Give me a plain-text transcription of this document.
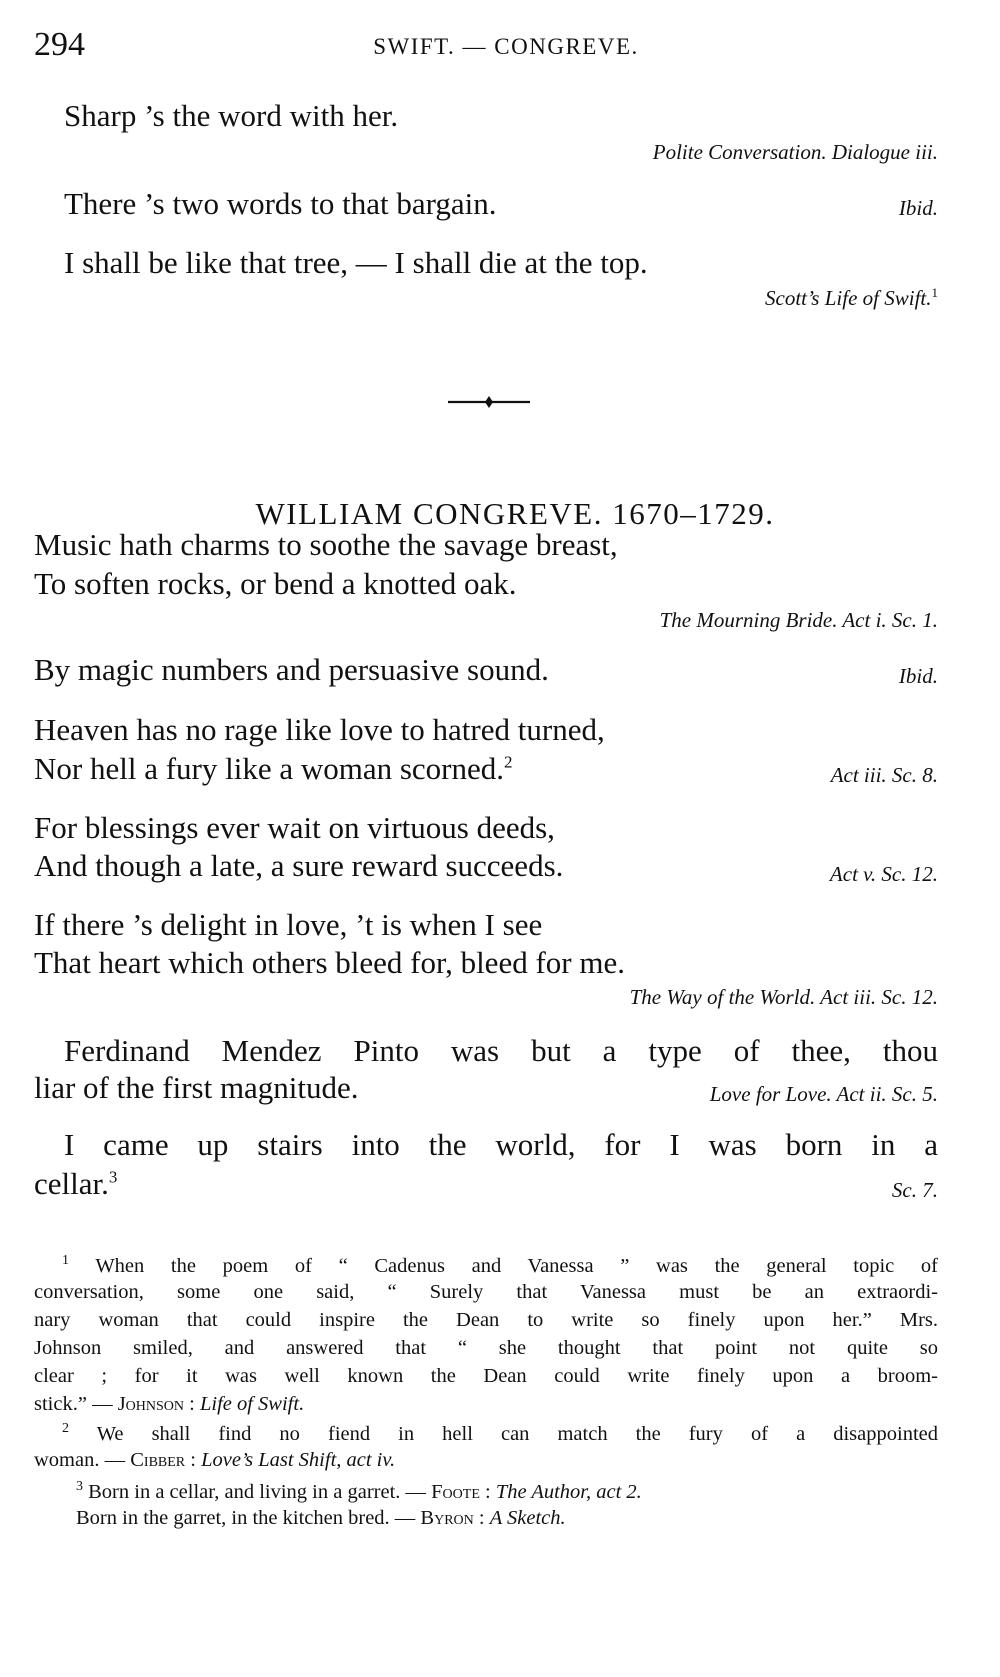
294	SWIFT. — CONGREVE.
Sharp ’s the word with her.
Polite Conversation. Dialogue iii.
There ’s two words to that bargain.	Ibid.
I shall be like that tree, — I shall die at the top.
Scott’s Life of Swift.$^1$
WILLIAM CONGREVE. 1670–1729.
Music hath charms to soothe the savage breast,
To soften rocks, or bend a knotted oak.
The Mourning Bride. Act i. Sc. 1.
By magic numbers and persuasive sound.	Ibid.
Heaven has no rage like love to hatred turned,
Nor hell a fury like a woman scorned.$^2$
Act iii. Sc. 8.
For blessings ever wait on virtuous deeds,
And though a late, a sure reward succeeds.	Act v. Sc. 12.
If there ’s delight in love, ’t is when I see
That heart which others bleed for, bleed for me.
The Way of the World. Act iii. Sc. 12.
Ferdinand Mendez Pinto was but a type of thee, thou
liar of the first magnitude.	Love for Love. Act ii. Sc. 5.
I came up stairs into the world, for I was born in a
cellar.$^3$
Sc. 7.
$^1$ When the poem of “ Cadenus and Vanessa ” was the general topic of
conversation, some one said, “ Surely that Vanessa must be an extraordi-
nary woman that could inspire the Dean to write so finely upon her.” Mrs.
Johnson smiled, and answered that “ she thought that point not quite so
clear ; for it was well known the Dean could write finely upon a broom-
stick.” — Johnson : Life of Swift.
$^2$ We shall find no fiend in hell can match the fury of a disappointed
woman. — Cibber : Love’s Last Shift, act iv.
$^3$ Born in a cellar, and living in a garret. — Foote : The Author, act 2.
Born in the garret, in the kitchen bred. — Byron : A Sketch.
